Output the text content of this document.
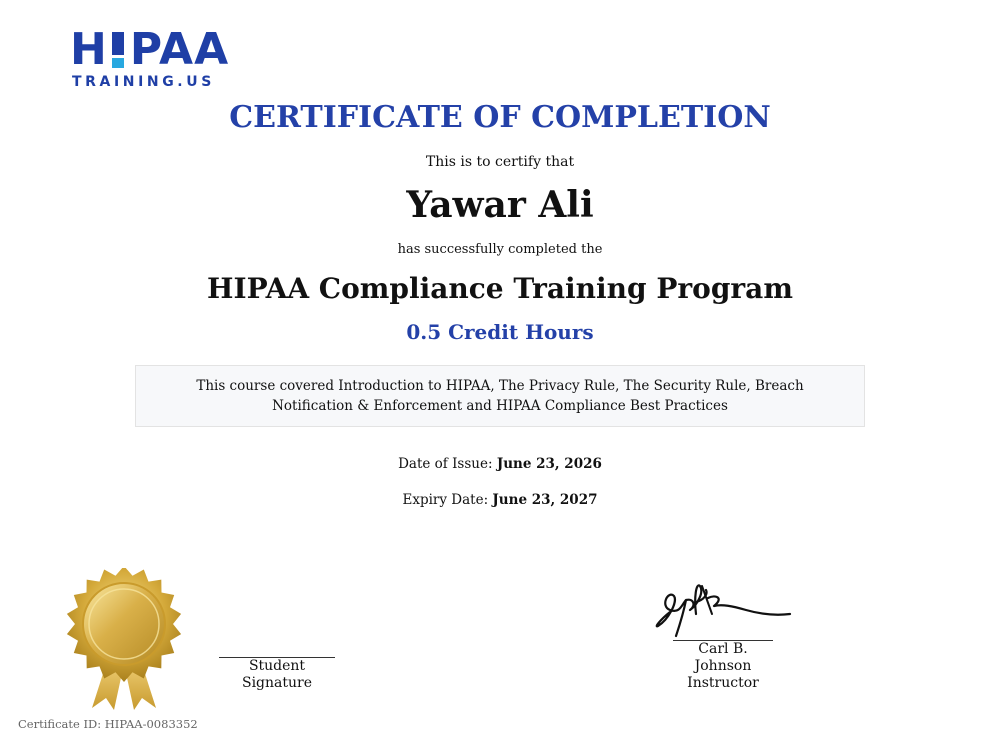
H PAA
TRAINING.US
CERTIFICATE OF COMPLETION
This is to certify that
Yawar Ali
has successfully completed the
HIPAA Compliance Training Program
0.5 Credit Hours
This course covered Introduction to HIPAA, The Privacy Rule, The Security Rule, Breach Notification & Enforcement and HIPAA Compliance Best Practices
Date of Issue: June 23, 2026
Expiry Date: June 23, 2027
Student Signature
Carl B. Johnson
Instructor
Certificate ID: HIPAA-0083352
